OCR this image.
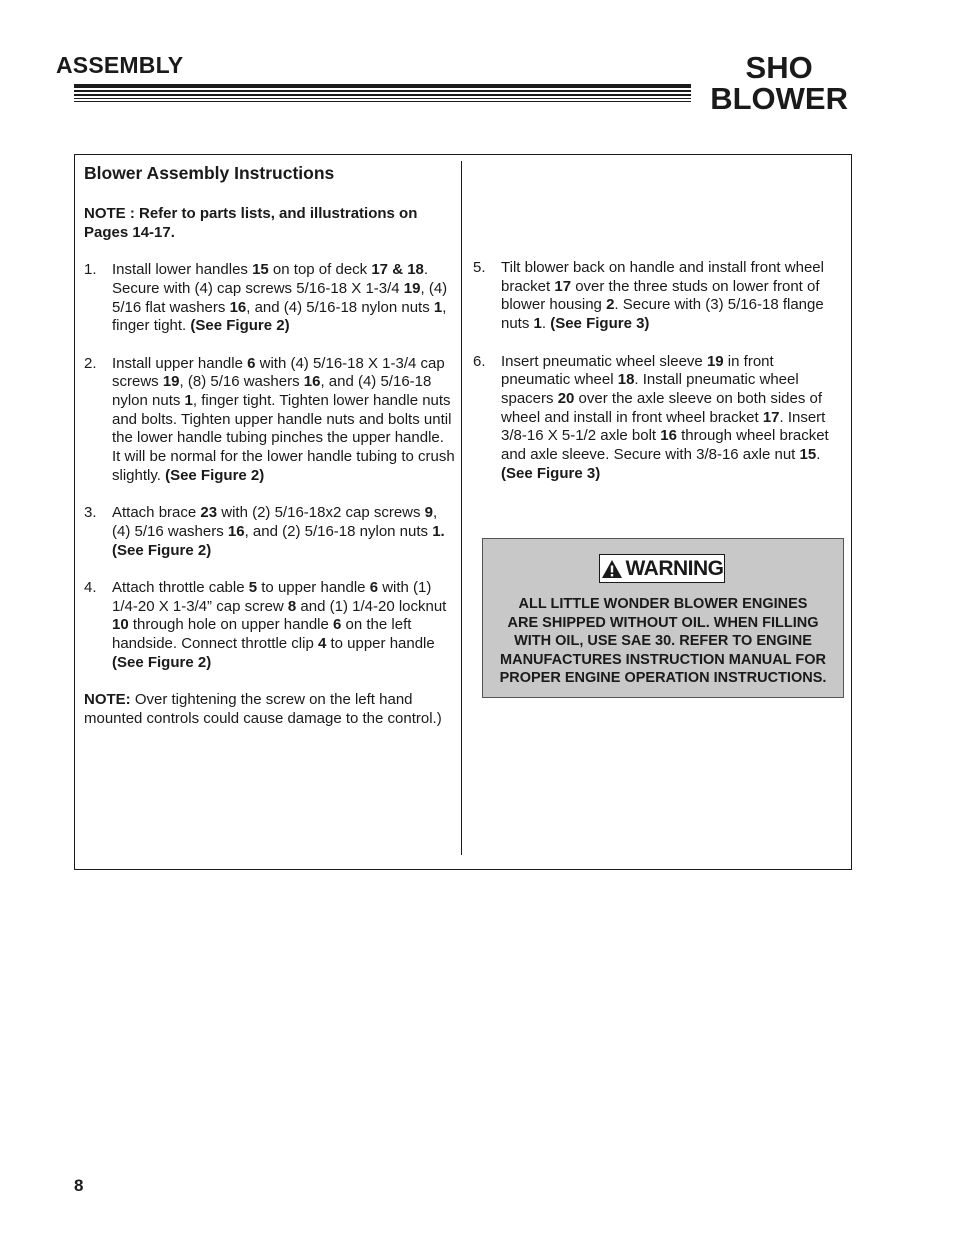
ASSEMBLY	SHO
BLOWER

Blower Assembly Instructions

NOTE : Refer to parts lists, and illustrations on Pages 14-17.

1.	Install lower handles 15 on top of deck 17 & 18. Secure with (4) cap screws 5/16-18 X 1-3/4 19, (4) 5/16 flat washers 16, and (4) 5/16-18 nylon nuts 1, finger tight. (See Figure 2)
2.	Install upper handle 6 with (4) 5/16-18 X 1-3/4 cap screws 19, (8) 5/16 washers 16, and (4) 5/16-18 nylon nuts 1, finger tight. Tighten lower handle nuts and bolts. Tighten upper handle nuts and bolts until the lower handle tubing pinches the upper handle. It will be normal for the lower handle tubing to crush slightly. (See Figure 2)
3.	Attach brace 23 with (2) 5/16-18x2 cap screws 9, (4) 5/16 washers 16, and (2) 5/16-18 nylon nuts 1. (See Figure 2)
4.	Attach throttle cable 5 to upper handle 6 with (1) 1/4-20 X 1-3/4” cap screw 8 and (1) 1/4-20 locknut 10 through hole on upper handle 6 on the left handside. Connect throttle clip 4 to upper handle (See Figure 2)

NOTE: Over tightening the screw on the left hand mounted controls could cause damage to the control.)

5.	Tilt blower back on handle and install front wheel bracket 17 over the three studs on lower front of blower housing 2. Secure with (3) 5/16-18 flange nuts 1. (See Figure 3)
6.	Insert pneumatic wheel sleeve 19 in front pneumatic wheel 18. Install pneumatic wheel spacers 20 over the axle sleeve on both sides of wheel and install in front wheel bracket 17. Insert 3/8-16 X 5-1/2 axle bolt 16 through wheel bracket and axle sleeve. Secure with 3/8-16 axle nut 15. (See Figure 3)
WARNING
ALL LITTLE WONDER BLOWER ENGINES
ARE SHIPPED WITHOUT OIL. WHEN FILLING
WITH OIL, USE SAE 30. REFER TO ENGINE
MANUFACTURES INSTRUCTION MANUAL FOR
PROPER ENGINE OPERATION INSTRUCTIONS.
8
